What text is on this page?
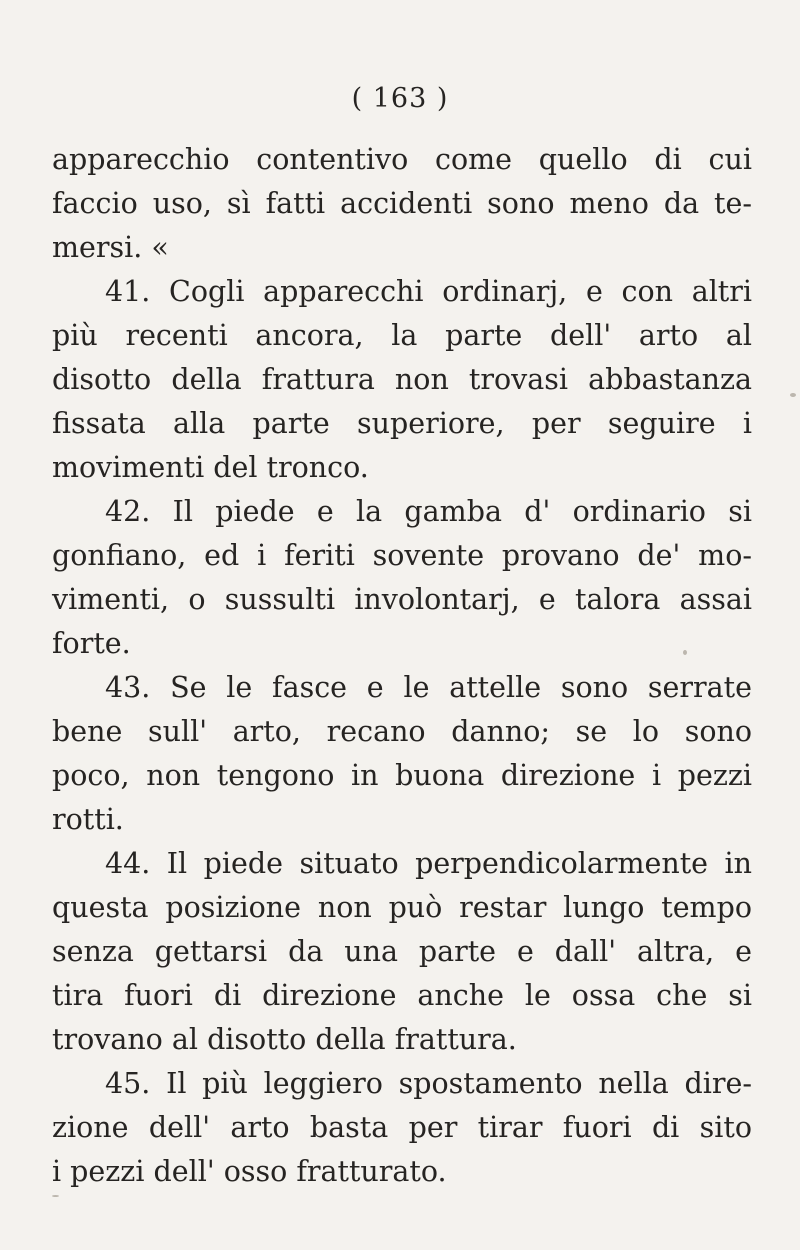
( 163 )
apparecchio contentivo come quello di cui
faccio uso, sì fatti accidenti sono meno da te-
mersi. «
41. Cogli apparecchi ordinarj, e con altri
più recenti ancora, la parte dell' arto al
disotto della frattura non trovasi abbastanza
fissata alla parte superiore, per seguire i
movimenti del tronco.
42. Il piede e la gamba d' ordinario si
gonfiano, ed i feriti sovente provano de' mo-
vimenti, o sussulti involontarj, e talora assai
forte.
43. Se le fasce e le attelle sono serrate
bene sull' arto, recano danno; se lo sono
poco, non tengono in buona direzione i pezzi
rotti.
44. Il piede situato perpendicolarmente in
questa posizione non può restar lungo tempo
senza gettarsi da una parte e dall' altra, e
tira fuori di direzione anche le ossa che si
trovano al disotto della frattura.
45. Il più leggiero spostamento nella dire-
zione dell' arto basta per tirar fuori di sito
i pezzi dell' osso fratturato.
